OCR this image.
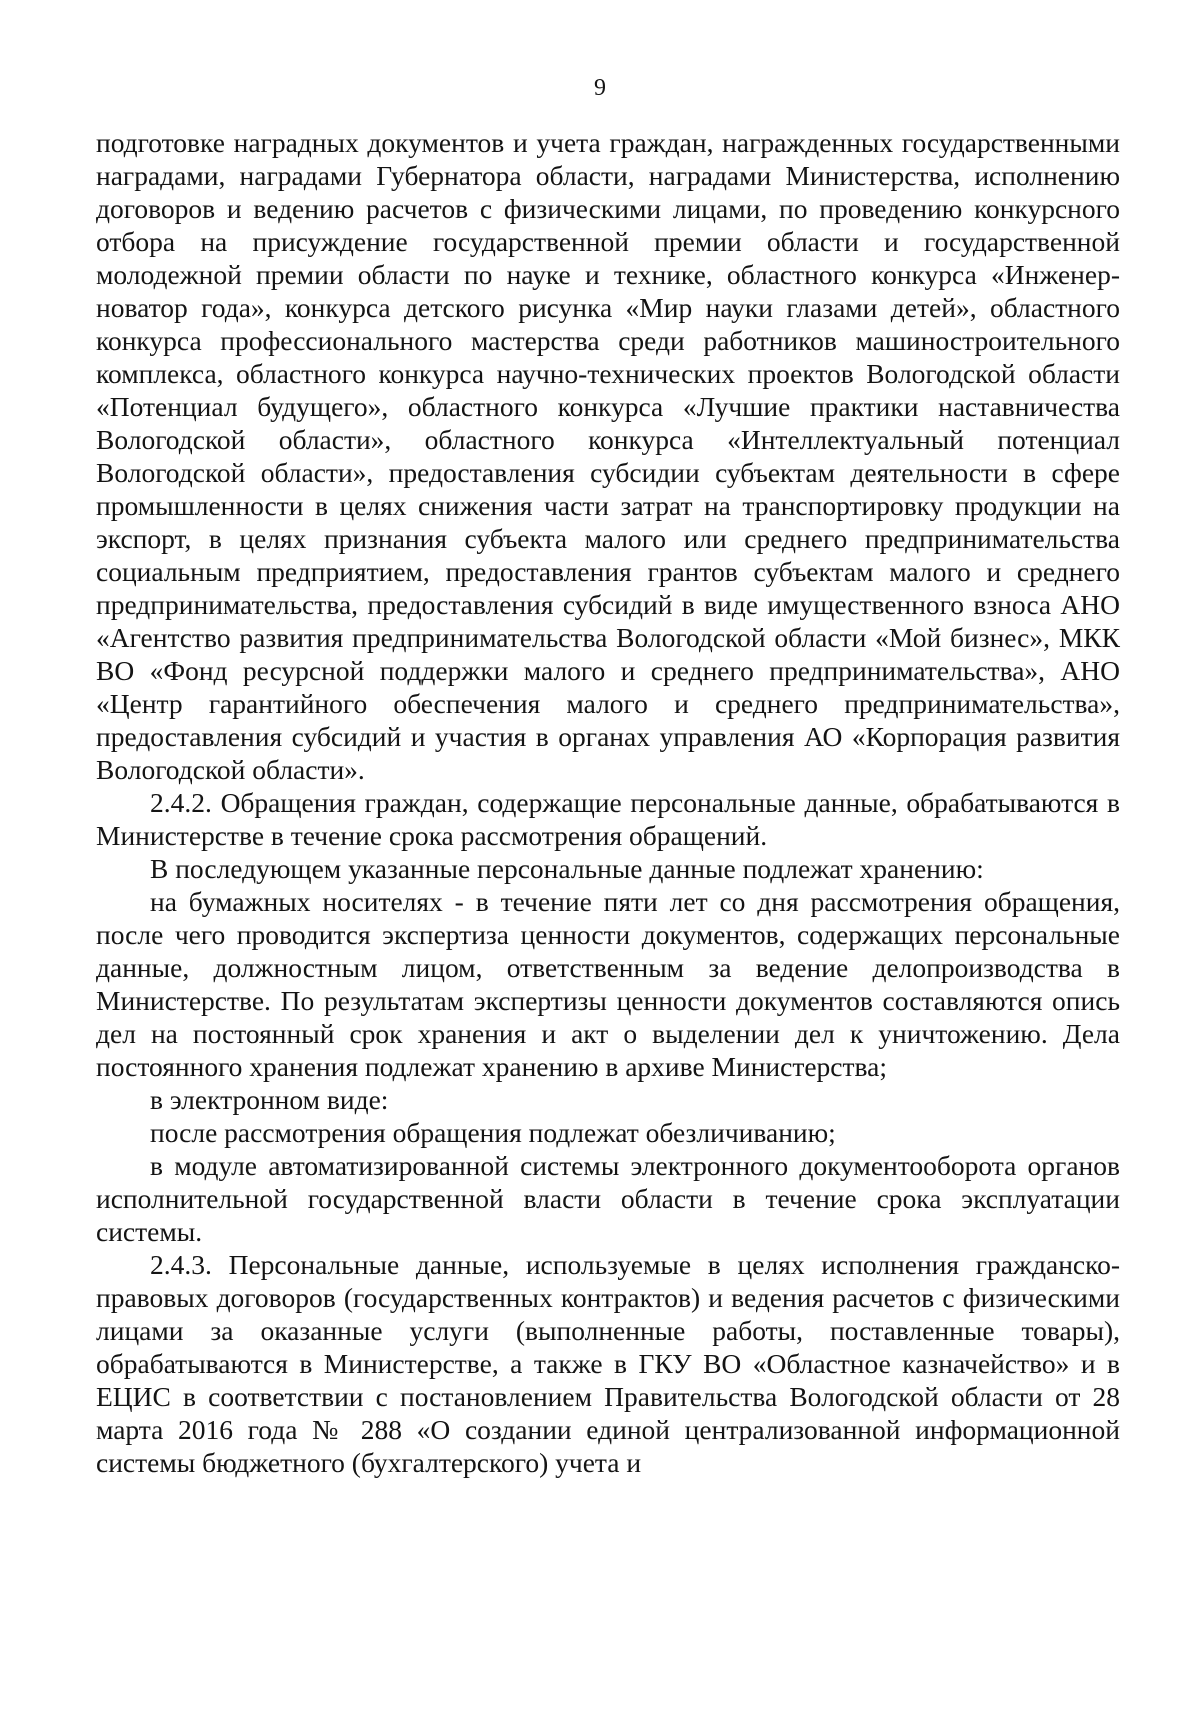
9

подготовке наградных документов и учета граждан, награжденных государственными наградами, наградами Губернатора области, наградами Министерства, исполнению договоров и ведению расчетов с физическими лицами, по проведению конкурсного отбора на присуждение государственной премии области и государственной молодежной премии области по науке и технике, областного конкурса «Инженер-новатор года», конкурса детского рисунка «Мир науки глазами детей», областного конкурса профессионального мастерства среди работников машиностроительного комплекса, областного конкурса научно-технических проектов Вологодской области «Потенциал будущего», областного конкурса «Лучшие практики наставничества Вологодской области», областного конкурса «Интеллектуальный потенциал Вологодской области», предоставления субсидии субъектам деятельности в сфере промышленности в целях снижения части затрат на транспортировку продукции на экспорт, в целях признания субъекта малого или среднего предпринимательства социальным предприятием, предоставления грантов субъектам малого и среднего предпринимательства, предоставления субсидий в виде имущественного взноса АНО «Агентство развития предпринимательства Вологодской области «Мой бизнес», МКК ВО «Фонд ресурсной поддержки малого и среднего предпринимательства», АНО «Центр гарантийного обеспечения малого и среднего предпринимательства», предоставления субсидий и участия в органах управления АО «Корпорация развития Вологодской области».

2.4.2. Обращения граждан, содержащие персональные данные, обрабатываются в Министерстве в течение срока рассмотрения обращений.

В последующем указанные персональные данные подлежат хранению:

на бумажных носителях - в течение пяти лет со дня рассмотрения обращения, после чего проводится экспертиза ценности документов, содержащих персональные данные, должностным лицом, ответственным за ведение делопроизводства в Министерстве. По результатам экспертизы ценности документов составляются опись дел на постоянный срок хранения и акт о выделении дел к уничтожению. Дела постоянного хранения подлежат хранению в архиве Министерства;

в электронном виде:

после рассмотрения обращения подлежат обезличиванию;

в модуле автоматизированной системы электронного документооборота органов исполнительной государственной власти области в течение срока эксплуатации системы.

2.4.3. Персональные данные, используемые в целях исполнения гражданско-правовых договоров (государственных контрактов) и ведения расчетов с физическими лицами за оказанные услуги (выполненные работы, поставленные товары), обрабатываются в Министерстве, а также в ГКУ ВО «Областное казначейство» и в ЕЦИС в соответствии с постановлением Правительства Вологодской области от 28 марта 2016 года № 288 «О создании единой централизованной информационной системы бюджетного (бухгалтерского) учета и
